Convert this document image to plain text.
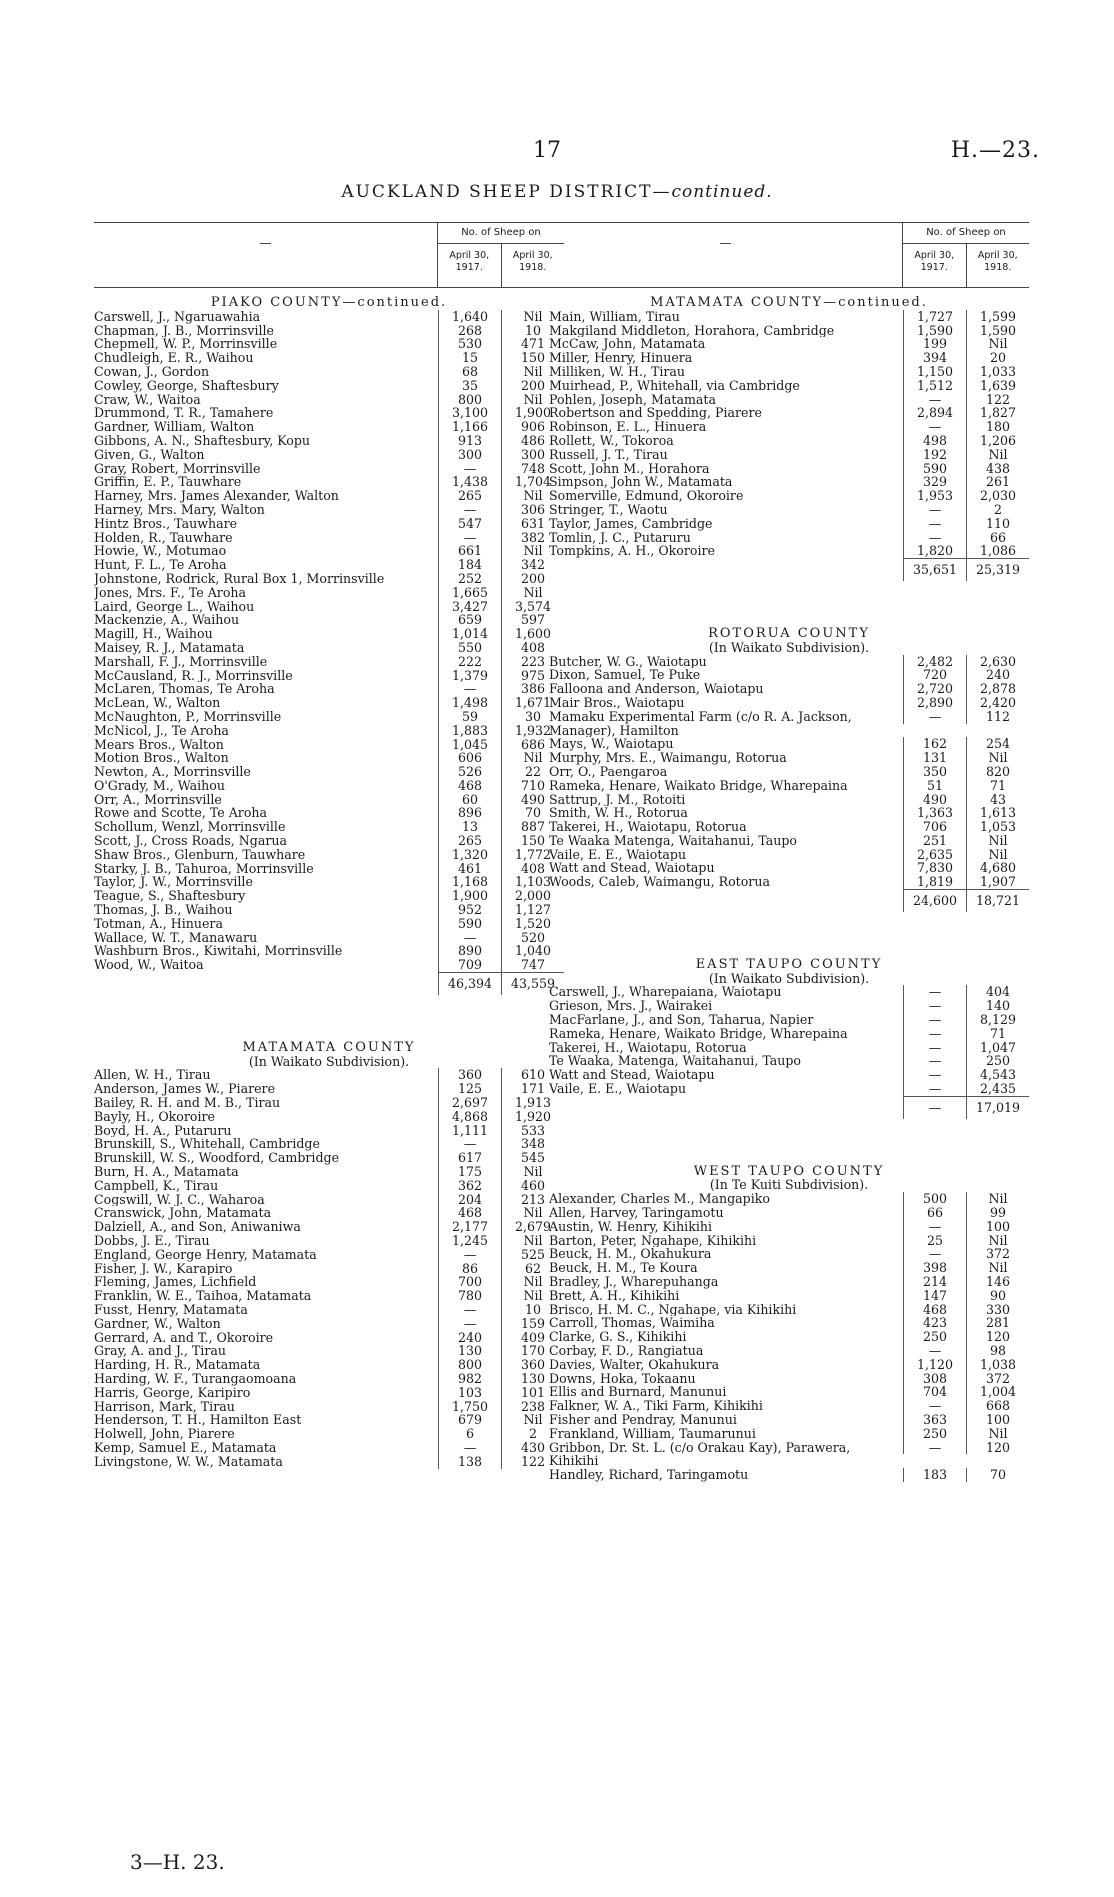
17	H.—23.
AUCKLAND SHEEP DISTRICT—continued.
—
No. of Sheep on
April 30, 1917.
April 30, 1918.
PIAKO COUNTY—continued.
Carswell, J., Ngaruawahia	1,640	Nil
Chapman, J. B., Morrinsville	268	10
Chepmell, W. P., Morrinsville	530	471
Chudleigh, E. R., Waihou	15	150
Cowan, J., Gordon	68	Nil
Cowley, George, Shaftesbury	35	200
Craw, W., Waitoa	800	Nil
Drummond, T. R., Tamahere	3,100	1,900
Gardner, William, Walton	1,166	906
Gibbons, A. N., Shaftesbury, Kopu	913	486
Given, G., Walton	300	300
Gray, Robert, Morrinsville	—	748
Griffin, E. P., Tauwhare	1,438	1,704
Harney, Mrs. James Alexander, Walton	265	Nil
Harney, Mrs. Mary, Walton	—	306
Hintz Bros., Tauwhare	547	631
Holden, R., Tauwhare	—	382
Howie, W., Motumao	661	Nil
Hunt, F. L., Te Aroha	184	342
Johnstone, Rodrick, Rural Box 1, Morrinsville	252	200
Jones, Mrs. F., Te Aroha	1,665	Nil
Laird, George L., Waihou	3,427	3,574
Mackenzie, A., Waihou	659	597
Magill, H., Waihou	1,014	1,600
Maisey, R. J., Matamata	550	408
Marshall, F. J., Morrinsville	222	223
McCausland, R. J., Morrinsville	1,379	975
McLaren, Thomas, Te Aroha	—	386
McLean, W., Walton	1,498	1,671
McNaughton, P., Morrinsville	59	30
McNicol, J., Te Aroha	1,883	1,932
Mears Bros., Walton	1,045	686
Motion Bros., Walton	606	Nil
Newton, A., Morrinsville	526	22
O'Grady, M., Waihou	468	710
Orr, A., Morrinsville	60	490
Rowe and Scotte, Te Aroha	896	70
Schollum, Wenzl, Morrinsville	13	887
Scott, J., Cross Roads, Ngarua	265	150
Shaw Bros., Glenburn, Tauwhare	1,320	1,772
Starky, J. B., Tahuroa, Morrinsville	461	408
Taylor, J. W., Morrinsville	1,168	1,103
Teague, S., Shaftesbury	1,900	2,000
Thomas, J. B., Waihou	952	1,127
Totman, A., Hinuera	590	1,520
Wallace, W. T., Manawaru	—	520
Washburn Bros., Kiwitahi, Morrinsville	890	1,040
Wood, W., Waitoa	709	747
46,394	43,559
MATAMATA COUNTY
(In Waikato Subdivision).
Allen, W. H., Tirau	360	610
Anderson, James W., Piarere	125	171
Bailey, R. H. and M. B., Tirau	2,697	1,913
Bayly, H., Okoroire	4,868	1,920
Boyd, H. A., Putaruru	1,111	533
Brunskill, S., Whitehall, Cambridge	—	348
Brunskill, W. S., Woodford, Cambridge	617	545
Burn, H. A., Matamata	175	Nil
Campbell, K., Tirau	362	460
Cogswill, W. J. C., Waharoa	204	213
Cranswick, John, Matamata	468	Nil
Dalziell, A., and Son, Aniwaniwa	2,177	2,679
Dobbs, J. E., Tirau	1,245	Nil
England, George Henry, Matamata	—	525
Fisher, J. W., Karapiro	86	62
Fleming, James, Lichfield	700	Nil
Franklin, W. E., Taihoa, Matamata	780	Nil
Fusst, Henry, Matamata	—	10
Gardner, W., Walton	—	159
Gerrard, A. and T., Okoroire	240	409
Gray, A. and J., Tirau	130	170
Harding, H. R., Matamata	800	360
Harding, W. F., Turangaomoana	982	130
Harris, George, Karipiro	103	101
Harrison, Mark, Tirau	1,750	238
Henderson, T. H., Hamilton East	679	Nil
Holwell, John, Piarere	6	2
Kemp, Samuel E., Matamata	—	430
Livingstone, W. W., Matamata	138	122
—
No. of Sheep on
April 30, 1917.
April 30, 1918.
MATAMATA COUNTY—continued.
Main, William, Tirau	1,727	1,599
Makgiland Middleton, Horahora, Cambridge	1,590	1,590
McCaw, John, Matamata	199	Nil
Miller, Henry, Hinuera	394	20
Milliken, W. H., Tirau	1,150	1,033
Muirhead, P., Whitehall, via Cambridge	1,512	1,639
Pohlen, Joseph, Matamata	—	122
Robertson and Spedding, Piarere	2,894	1,827
Robinson, E. L., Hinuera	—	180
Rollett, W., Tokoroa	498	1,206
Russell, J. T., Tirau	192	Nil
Scott, John M., Horahora	590	438
Simpson, John W., Matamata	329	261
Somerville, Edmund, Okoroire	1,953	2,030
Stringer, T., Waotu	—	2
Taylor, James, Cambridge	—	110
Tomlin, J. C., Putaruru	—	66
Tompkins, A. H., Okoroire	1,820	1,086
35,651	25,319
ROTORUA COUNTY
(In Waikato Subdivision).
Butcher, W. G., Waiotapu	2,482	2,630
Dixon, Samuel, Te Puke	720	240
Falloona and Anderson, Waiotapu	2,720	2,878
Mair Bros., Waiotapu	2,890	2,420
Mamaku Experimental Farm (c/o R. A. Jackson, Manager), Hamilton
—	112
Mays, W., Waiotapu	162	254
Murphy, Mrs. E., Waimangu, Rotorua	131	Nil
Orr, O., Paengaroa	350	820
Rameka, Henare, Waikato Bridge, Wharepaina	51	71
Sattrup, J. M., Rotoiti	490	43
Smith, W. H., Rotorua	1,363	1,613
Takerei, H., Waiotapu, Rotorua	706	1,053
Te Waaka Matenga, Waitahanui, Taupo	251	Nil
Vaile, E. E., Waiotapu	2,635	Nil
Watt and Stead, Waiotapu	7,830	4,680
Woods, Caleb, Waimangu, Rotorua	1,819	1,907
24,600	18,721
EAST TAUPO COUNTY
(In Waikato Subdivision).
Carswell, J., Wharepaiana, Waiotapu	—	404
Grieson, Mrs. J., Wairakei	—	140
MacFarlane, J., and Son, Taharua, Napier	—	8,129
Rameka, Henare, Waikato Bridge, Wharepaina	—	71
Takerei, H., Waiotapu, Rotorua	—	1,047
Te Waaka, Matenga, Waitahanui, Taupo	—	250
Watt and Stead, Waiotapu	—	4,543
Vaile, E. E., Waiotapu	—	2,435
—	17,019
WEST TAUPO COUNTY
(In Te Kuiti Subdivision).
Alexander, Charles M., Mangapiko	500	Nil
Allen, Harvey, Taringamotu	66	99
Austin, W. Henry, Kihikihi	—	100
Barton, Peter, Ngahape, Kihikihi	25	Nil
Beuck, H. M., Okahukura	—	372
Beuck, H. M., Te Koura	398	Nil
Bradley, J., Wharepuhanga	214	146
Brett, A. H., Kihikihi	147	90
Brisco, H. M. C., Ngahape, via Kihikihi	468	330
Carroll, Thomas, Waimiha	423	281
Clarke, G. S., Kihikihi	250	120
Corbay, F. D., Rangiatua	—	98
Davies, Walter, Okahukura	1,120	1,038
Downs, Hoka, Tokaanu	308	372
Ellis and Burnard, Manunui	704	1,004
Falkner, W. A., Tiki Farm, Kihikihi	—	668
Fisher and Pendray, Manunui	363	100
Frankland, William, Taumarunui	250	Nil
Gribbon, Dr. St. L. (c/o Orakau Kay), Parawera, Kihikihi
—	120
Handley, Richard, Taringamotu	183	70
3—H. 23.
